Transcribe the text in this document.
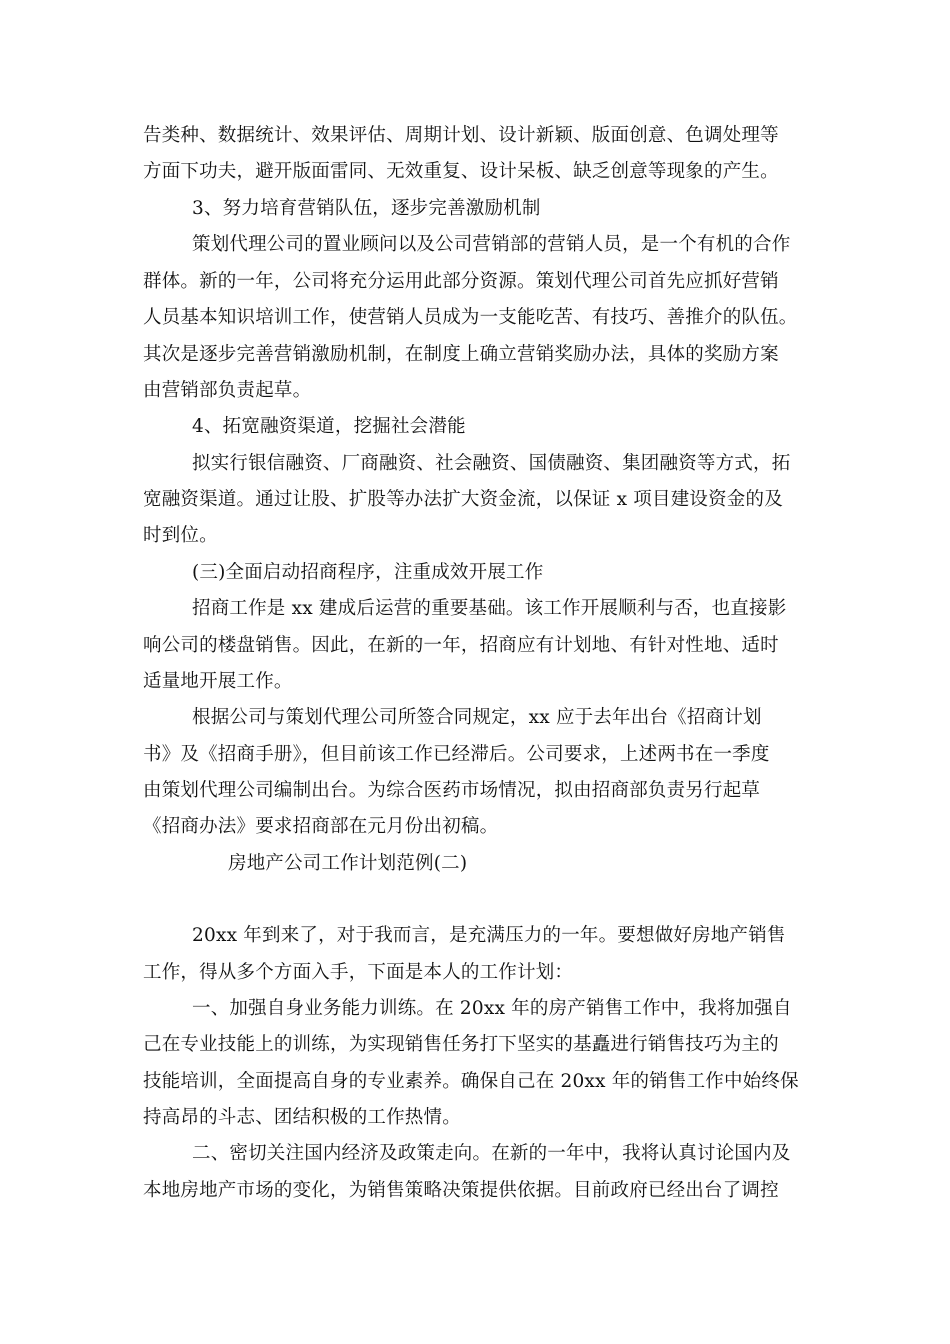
告类种、数据统计、效果评估、周期计划、设计新颖、版面创意、色调处理等
方面下功夫，避开版面雷同、无效重复、设计呆板、缺乏创意等现象的产生。
3、努力培育营销队伍，逐步完善激励机制
策划代理公司的置业顾问以及公司营销部的营销人员，是一个有机的合作
群体。新的一年，公司将充分运用此部分资源。策划代理公司首先应抓好营销
人员基本知识培训工作，使营销人员成为一支能吃苦、有技巧、善推介的队伍。
其次是逐步完善营销激励机制，在制度上确立营销奖励办法，具体的奖励方案
由营销部负责起草。
4、拓宽融资渠道，挖掘社会潜能
拟实行银信融资、厂商融资、社会融资、国债融资、集团融资等方式，拓
宽融资渠道。通过让股、扩股等办法扩大资金流，以保证 x 项目建设资金的及
时到位。
(三)全面启动招商程序，注重成效开展工作
招商工作是 xx 建成后运营的重要基础。该工作开展顺利与否，也直接影
响公司的楼盘销售。因此，在新的一年，招商应有计划地、有针对性地、适时
适量地开展工作。
根据公司与策划代理公司所签合同规定，xx 应于去年出台《招商计划
书》及《招商手册》，但目前该工作已经滞后。公司要求，上述两书在一季度
由策划代理公司编制出台。为综合医药市场情况，拟由招商部负责另行起草
《招商办法》要求招商部在元月份出初稿。
房地产公司工作计划范例(二)
20xx 年到来了，对于我而言，是充满压力的一年。要想做好房地产销售
工作，得从多个方面入手，下面是本人的工作计划：
一、加强自身业务能力训练。在 20xx 年的房产销售工作中，我将加强自
己在专业技能上的训练，为实现销售任务打下坚实的基矗进行销售技巧为主的
技能培训，全面提高自身的专业素养。确保自己在 20xx 年的销售工作中始终保
持高昂的斗志、团结积极的工作热情。
二、密切关注国内经济及政策走向。在新的一年中，我将认真讨论国内及
本地房地产市场的变化，为销售策略决策提供依据。目前政府已经出台了调控
